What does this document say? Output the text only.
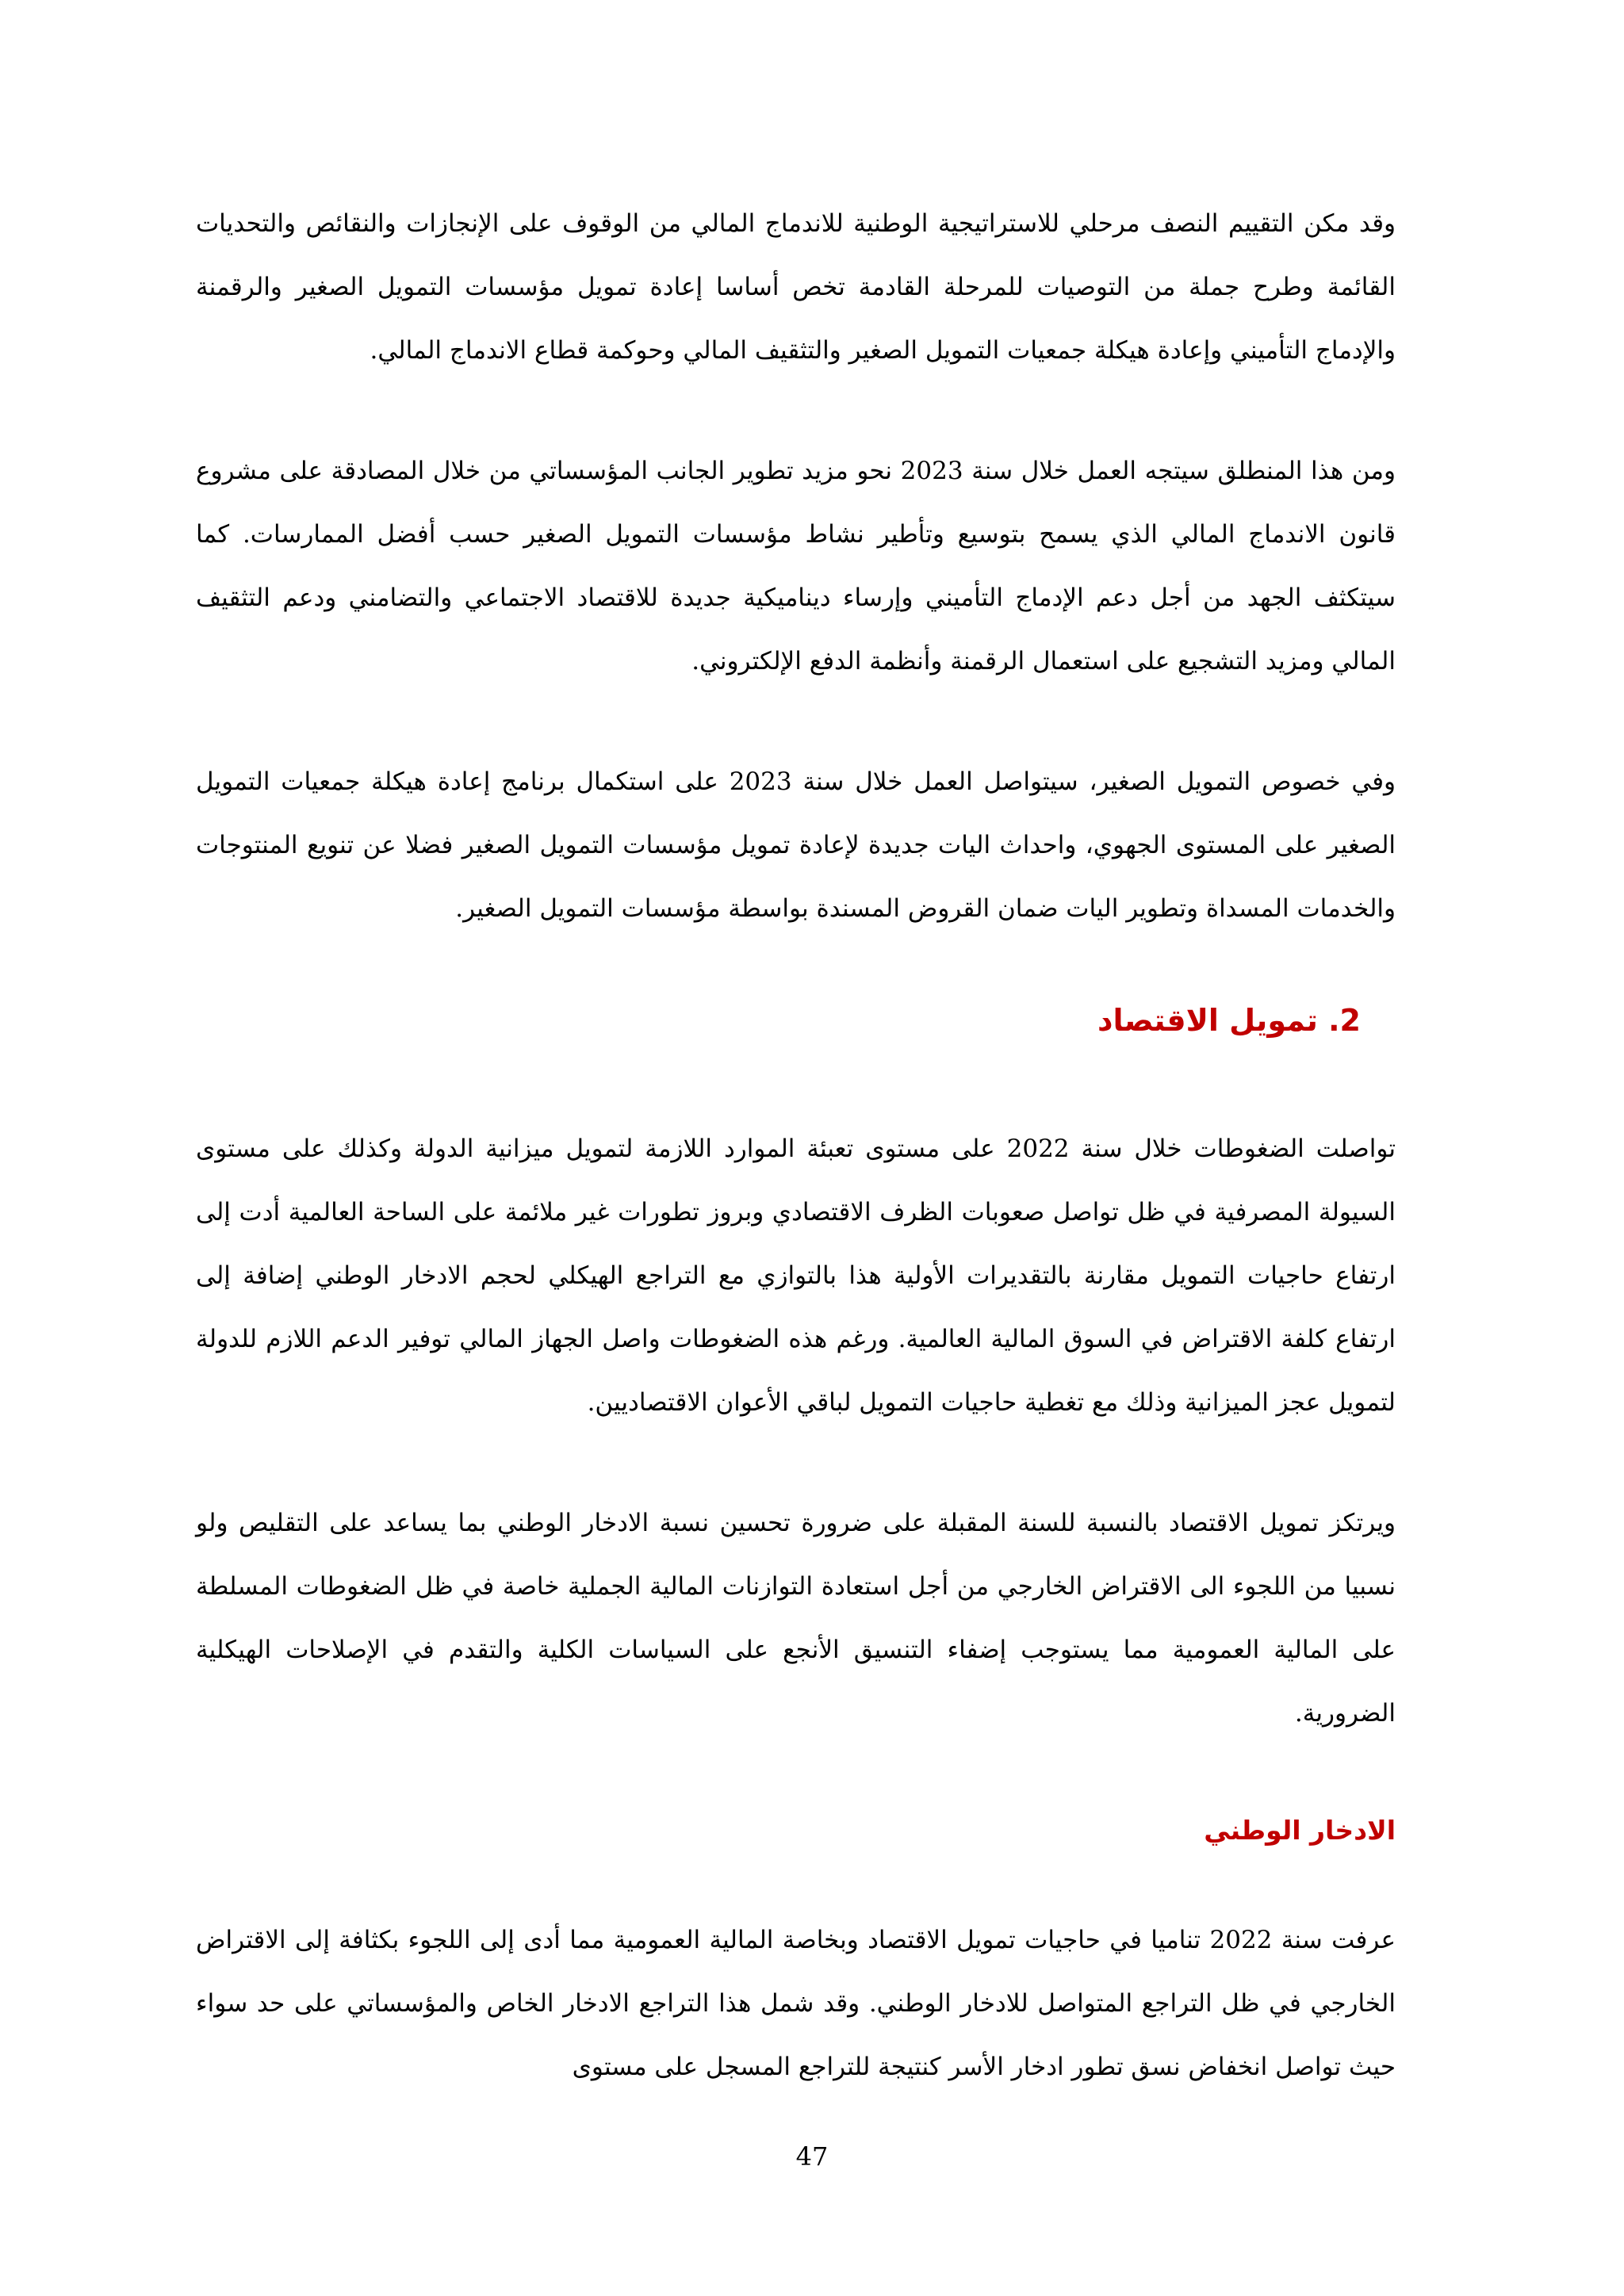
وقد مكن التقييم النصف مرحلي للاستراتيجية الوطنية للاندماج المالي من الوقوف على الإنجازات والنقائص والتحديات القائمة وطرح جملة من التوصيات للمرحلة القادمة تخص أساسا إعادة تمويل مؤسسات التمويل الصغير والرقمنة والإدماج التأميني وإعادة هيكلة جمعيات التمويل الصغير والتثقيف المالي وحوكمة قطاع الاندماج المالي.

ومن هذا المنطلق سيتجه العمل خلال سنة 2023 نحو مزيد تطوير الجانب المؤسساتي من خلال المصادقة على مشروع قانون الاندماج المالي الذي يسمح بتوسيع وتأطير نشاط مؤسسات التمويل الصغير حسب أفضل الممارسات. كما سيتكثف الجهد من أجل دعم الإدماج التأميني وإرساء ديناميكية جديدة للاقتصاد الاجتماعي والتضامني ودعم التثقيف المالي ومزيد التشجيع على استعمال الرقمنة وأنظمة الدفع الإلكتروني.

وفي خصوص التمويل الصغير، سيتواصل العمل خلال سنة 2023 على استكمال برنامج إعادة هيكلة جمعيات التمويل الصغير على المستوى الجهوي، واحداث اليات جديدة لإعادة تمويل مؤسسات التمويل الصغير فضلا عن تنويع المنتوجات والخدمات المسداة وتطوير اليات ضمان القروض المسندة بواسطة مؤسسات التمويل الصغير.

2. تمويل الاقتصاد

تواصلت الضغوطات خلال سنة 2022 على مستوى تعبئة الموارد اللازمة لتمويل ميزانية الدولة وكذلك على مستوى السيولة المصرفية في ظل تواصل صعوبات الظرف الاقتصادي وبروز تطورات غير ملائمة على الساحة العالمية أدت إلى ارتفاع حاجيات التمويل مقارنة بالتقديرات الأولية هذا بالتوازي مع التراجع الهيكلي لحجم الادخار الوطني إضافة إلى ارتفاع كلفة الاقتراض في السوق المالية العالمية. ورغم هذه الضغوطات واصل الجهاز المالي توفير الدعم اللازم للدولة لتمويل عجز الميزانية وذلك مع تغطية حاجيات التمويل لباقي الأعوان الاقتصاديين.

ويرتكز تمويل الاقتصاد بالنسبة للسنة المقبلة على ضرورة تحسين نسبة الادخار الوطني بما يساعد على التقليص ولو نسبيا من اللجوء الى الاقتراض الخارجي من أجل استعادة التوازنات المالية الجملية خاصة في ظل الضغوطات المسلطة على المالية العمومية مما يستوجب إضفاء التنسيق الأنجع على السياسات الكلية والتقدم في الإصلاحات الهيكلية الضرورية.

الادخار الوطني

عرفت سنة 2022 تناميا في حاجيات تمويل الاقتصاد وبخاصة المالية العمومية مما أدى إلى اللجوء بكثافة إلى الاقتراض الخارجي في ظل التراجع المتواصل للادخار الوطني. وقد شمل هذا التراجع الادخار الخاص والمؤسساتي على حد سواء حيث تواصل انخفاض نسق تطور ادخار الأسر كنتيجة للتراجع المسجل على مستوى

47
